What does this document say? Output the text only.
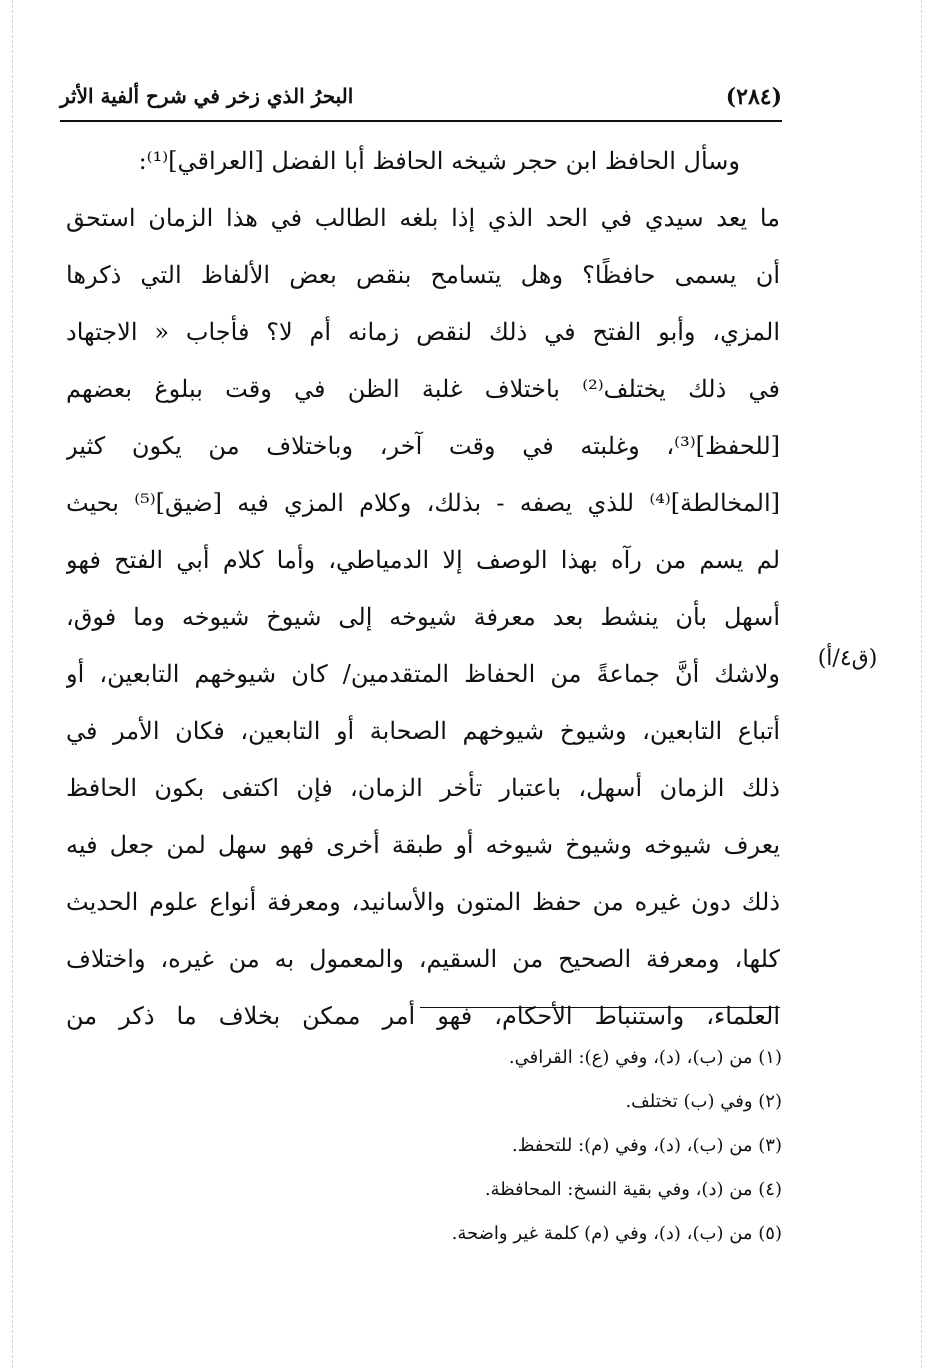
(٢٨٤)
البحرُ الذي زخر في شرح ألفية الأثر
وسأل الحافظ ابن حجر شيخه الحافظ أبا الفضل [العراقي]⁽¹⁾:
ما يعد سيدي في الحد الذي إذا بلغه الطالب في هذا الزمان استحق
أن يسمى حافظًا؟ وهل يتسامح بنقص بعض الألفاظ التي ذكرها
المزي، وأبو الفتح في ذلك لنقص زمانه أم لا؟ فأجاب « الاجتهاد
في ذلك يختلف⁽²⁾ باختلاف غلبة الظن في وقت ببلوغ بعضهم
[للحفظ]⁽³⁾، وغلبته في وقت آخر، وباختلاف من يكون كثير
[المخالطة]⁽⁴⁾ للذي يصفه - بذلك، وكلام المزي فيه [ضيق]⁽⁵⁾ بحيث
لم يسم من رآه بهذا الوصف إلا الدمياطي، وأما كلام أبي الفتح فهو
أسهل بأن ينشط بعد معرفة شيوخه إلى شيوخ شيوخه وما فوق،
ولاشك أنَّ جماعةً من الحفاظ المتقدمين/ كان شيوخهم التابعين، أو
أتباع التابعين، وشيوخ شيوخهم الصحابة أو التابعين، فكان الأمر في
ذلك الزمان أسهل، باعتبار تأخر الزمان، فإن اكتفى بكون الحافظ
يعرف شيوخه وشيوخ شيوخه أو طبقة أخرى فهو سهل لمن جعل فيه
ذلك دون غيره من حفظ المتون والأسانيد، ومعرفة أنواع علوم الحديث
كلها، ومعرفة الصحيح من السقيم، والمعمول به من غيره، واختلاف
العلماء، واستنباط الأحكام، فهو أمر ممكن بخلاف ما ذكر من
(ق٤/أ)
(١) من (ب)، (د)، وفي (ع): القرافي.
(٢) وفي (ب) تختلف.
(٣) من (ب)، (د)، وفي (م): للتحفظ.
(٤) من (د)، وفي بقية النسخ: المحافظة.
(٥) من (ب)، (د)، وفي (م) كلمة غير واضحة.
